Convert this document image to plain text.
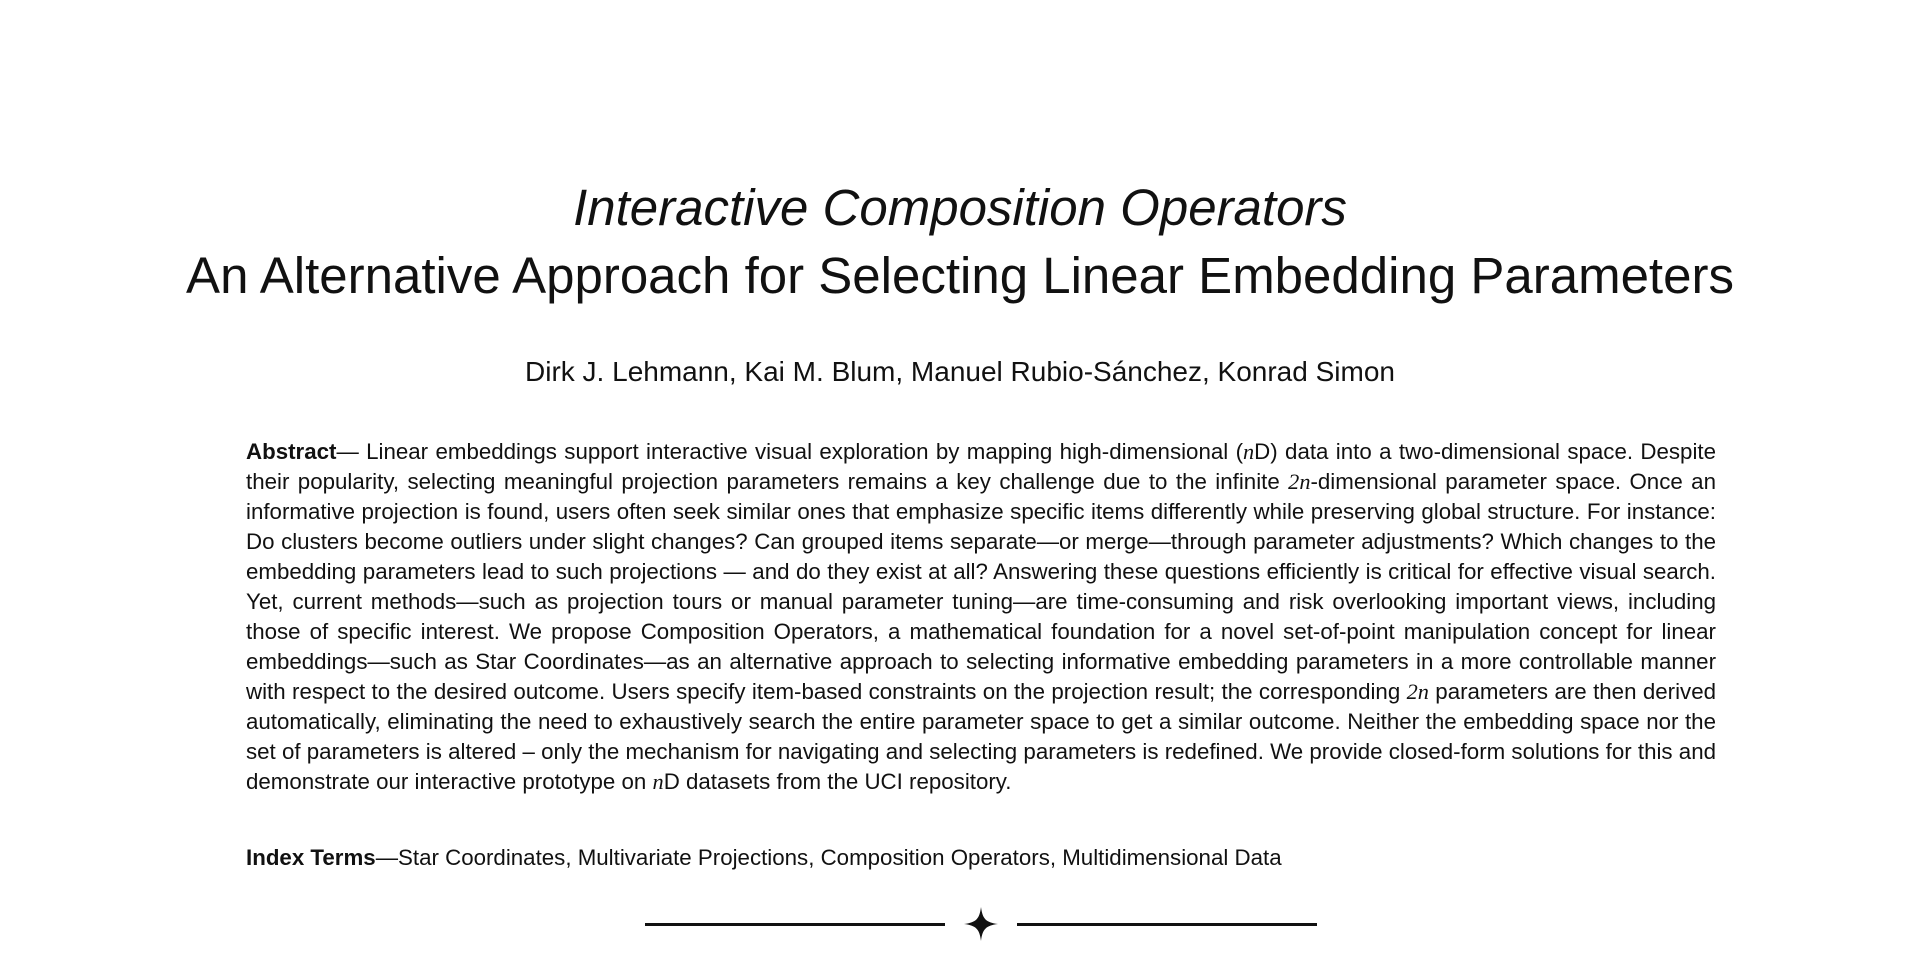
Interactive Composition Operators
An Alternative Approach for Selecting Linear Embedding Parameters
Dirk J. Lehmann, Kai M. Blum, Manuel Rubio-Sánchez, Konrad Simon
Abstract— Linear embeddings support interactive visual exploration by mapping high-dimensional (nD) data into a two-dimensional space. Despite their popularity, selecting meaningful projection parameters remains a key challenge due to the infinite 2n-dimensional parameter space. Once an informative projection is found, users often seek similar ones that emphasize specific items differently while preserving global structure. For instance: Do clusters become outliers under slight changes? Can grouped items separate—or merge—through parameter adjustments? Which changes to the embedding parameters lead to such projections — and do they exist at all? Answering these questions efficiently is critical for effective visual search. Yet, current methods—such as projection tours or manual parameter tuning—are time-consuming and risk overlooking important views, including those of specific interest. We propose Composition Operators, a mathematical foundation for a novel set-of-point manipulation concept for linear embeddings—such as Star Coordinates—as an alternative approach to selecting informative embedding parameters in a more controllable manner with respect to the desired outcome. Users specify item-based constraints on the projection result; the corresponding 2n parameters are then derived automatically, eliminating the need to exhaustively search the entire parameter space to get a similar outcome. Neither the embedding space nor the set of parameters is altered – only the mechanism for navigating and selecting parameters is redefined. We provide closed-form solutions for this and demonstrate our interactive prototype on nD datasets from the UCI repository.
Index Terms—Star Coordinates, Multivariate Projections, Composition Operators, Multidimensional Data
